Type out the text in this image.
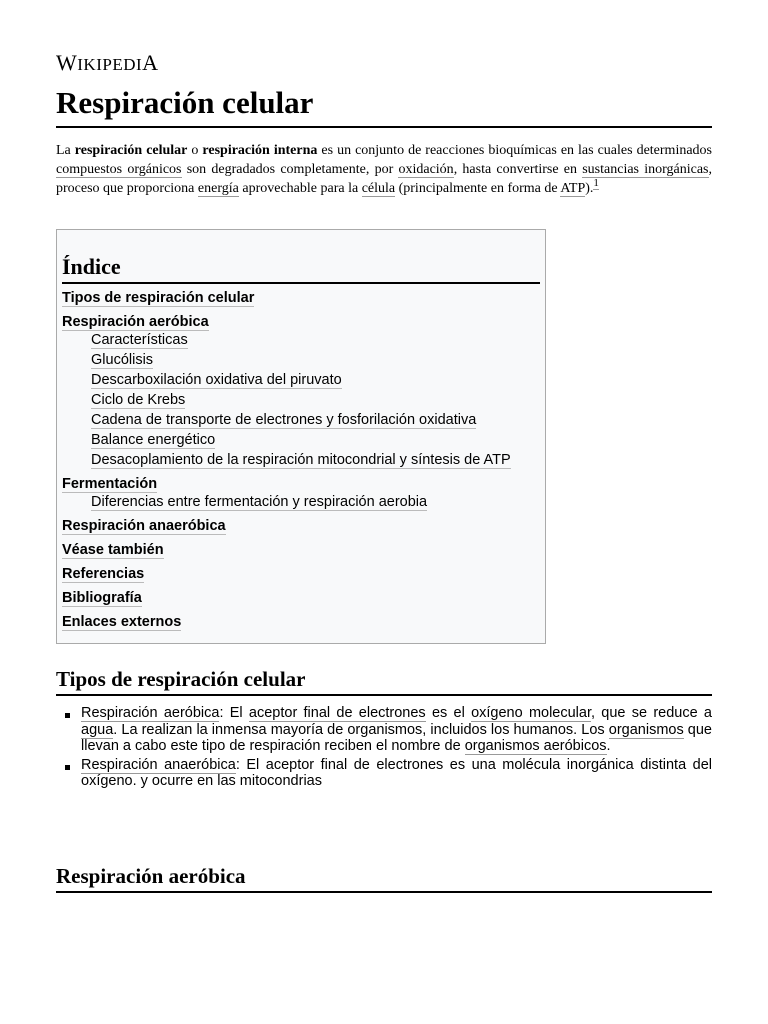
WIKIPEDIA
Respiración celular

La respiración celular o respiración interna es un conjunto de reacciones bioquímicas en las cuales determinados compuestos orgánicos son degradados completamente, por oxidación, hasta convertirse en sustancias inorgánicas, proceso que proporciona energía aprovechable para la célula (principalmente en forma de ATP).$^1$

Índice
Tipos de respiración celular
Respiración aeróbica
Características
Glucólisis
Descarboxilación oxidativa del piruvato
Ciclo de Krebs
Cadena de transporte de electrones y fosforilación oxidativa
Balance energético
Desacoplamiento de la respiración mitocondrial y síntesis de ATP
Fermentación
Diferencias entre fermentación y respiración aerobia
Respiración anaeróbica
Véase también
Referencias
Bibliografía
Enlaces externos
Tipos de respiración celular
Respiración aeróbica: El aceptor final de electrones es el oxígeno molecular, que se reduce a agua. La realizan la inmensa mayoría de organismos, incluidos los humanos. Los organismos que llevan a cabo este tipo de respiración reciben el nombre de organismos aeróbicos.
Respiración anaeróbica: El aceptor final de electrones es una molécula inorgánica distinta del oxígeno. y ocurre en las mitocondrias
Respiración aeróbica
